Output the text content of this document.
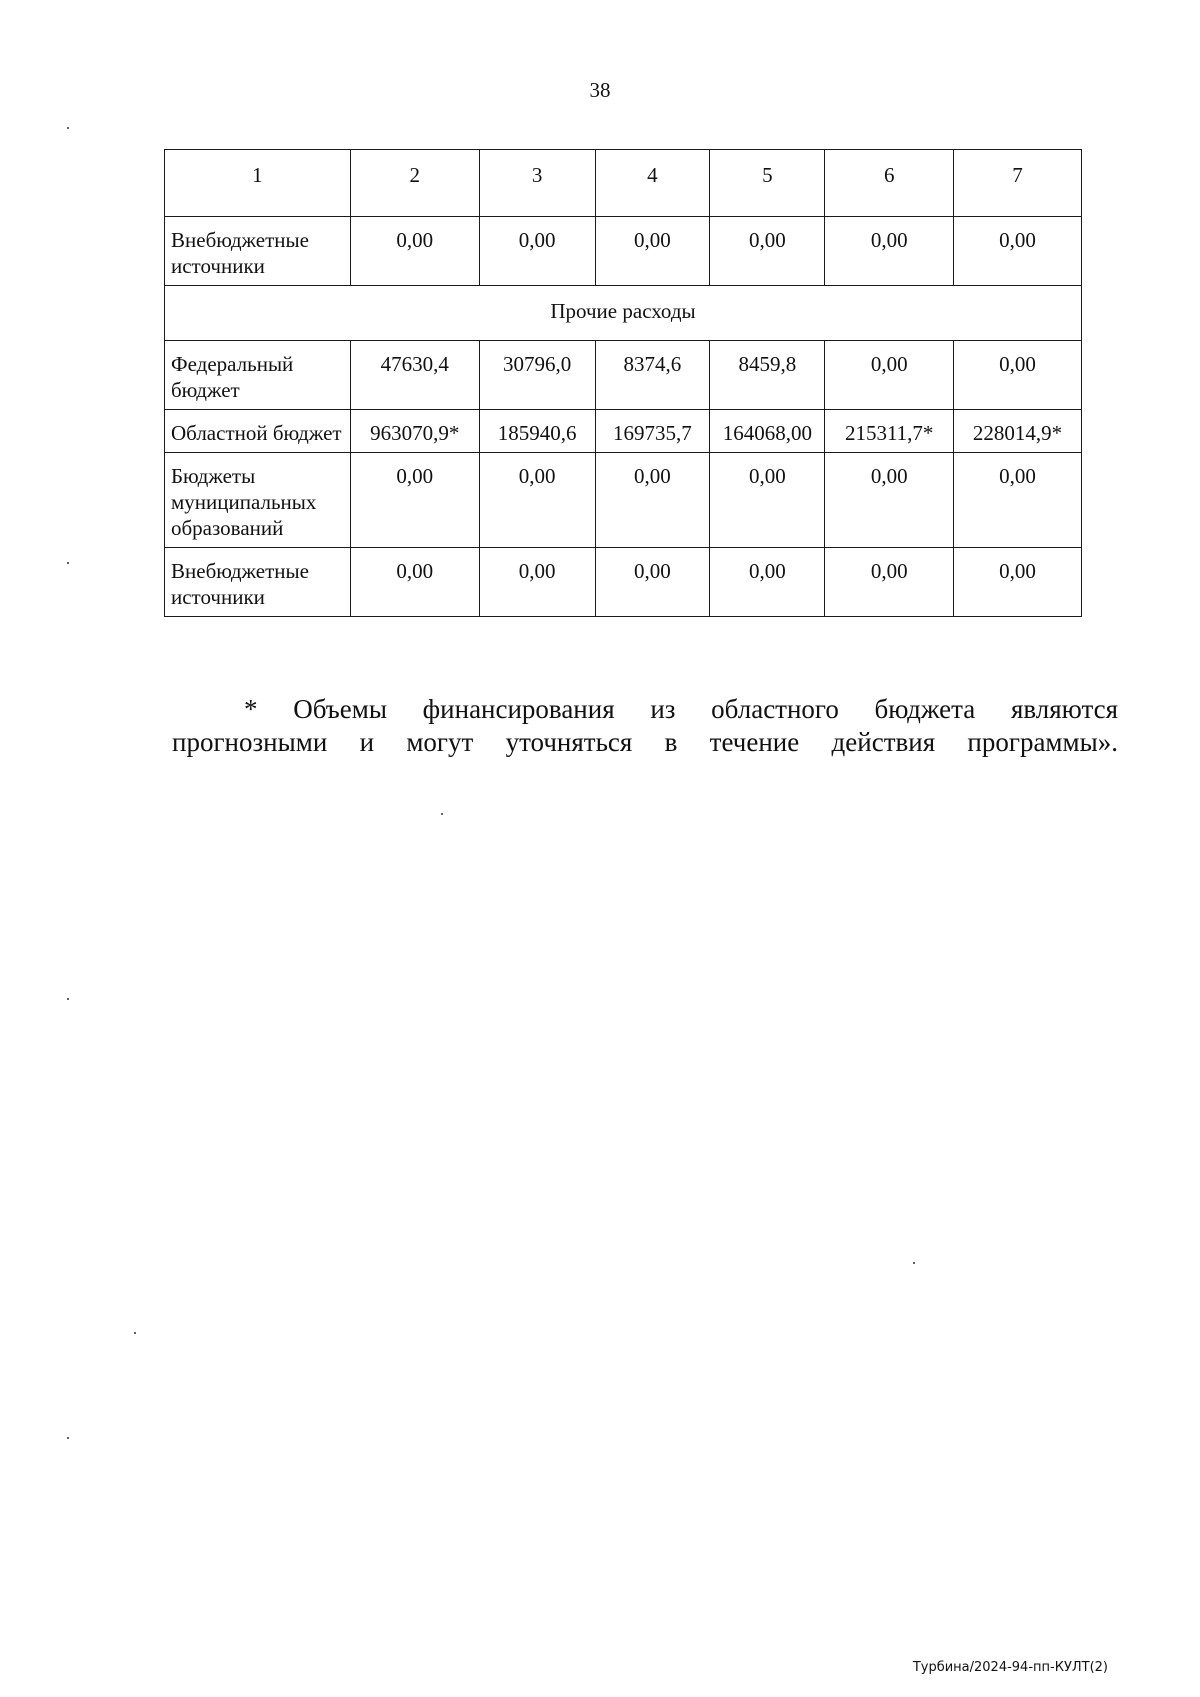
38
1	2	3	4	5	6	7
Внебюджетные источники	0,00	0,00	0,00	0,00	0,00	0,00
Прочие расходы						
Федеральный бюджет	47630,4	30796,0	8374,6	8459,8	0,00	0,00
Областной бюджет	963070,9*	185940,6	169735,7	164068,00	215311,7*	228014,9*
Бюджеты муниципальных образований	0,00	0,00	0,00	0,00	0,00	0,00
Внебюджетные источники	0,00	0,00	0,00	0,00	0,00	0,00
* Объемы финансирования из областного бюджета являются
прогнозными и могут уточняться в течение действия программы».
Турбина/2024-94-пп-КУЛТ(2)
